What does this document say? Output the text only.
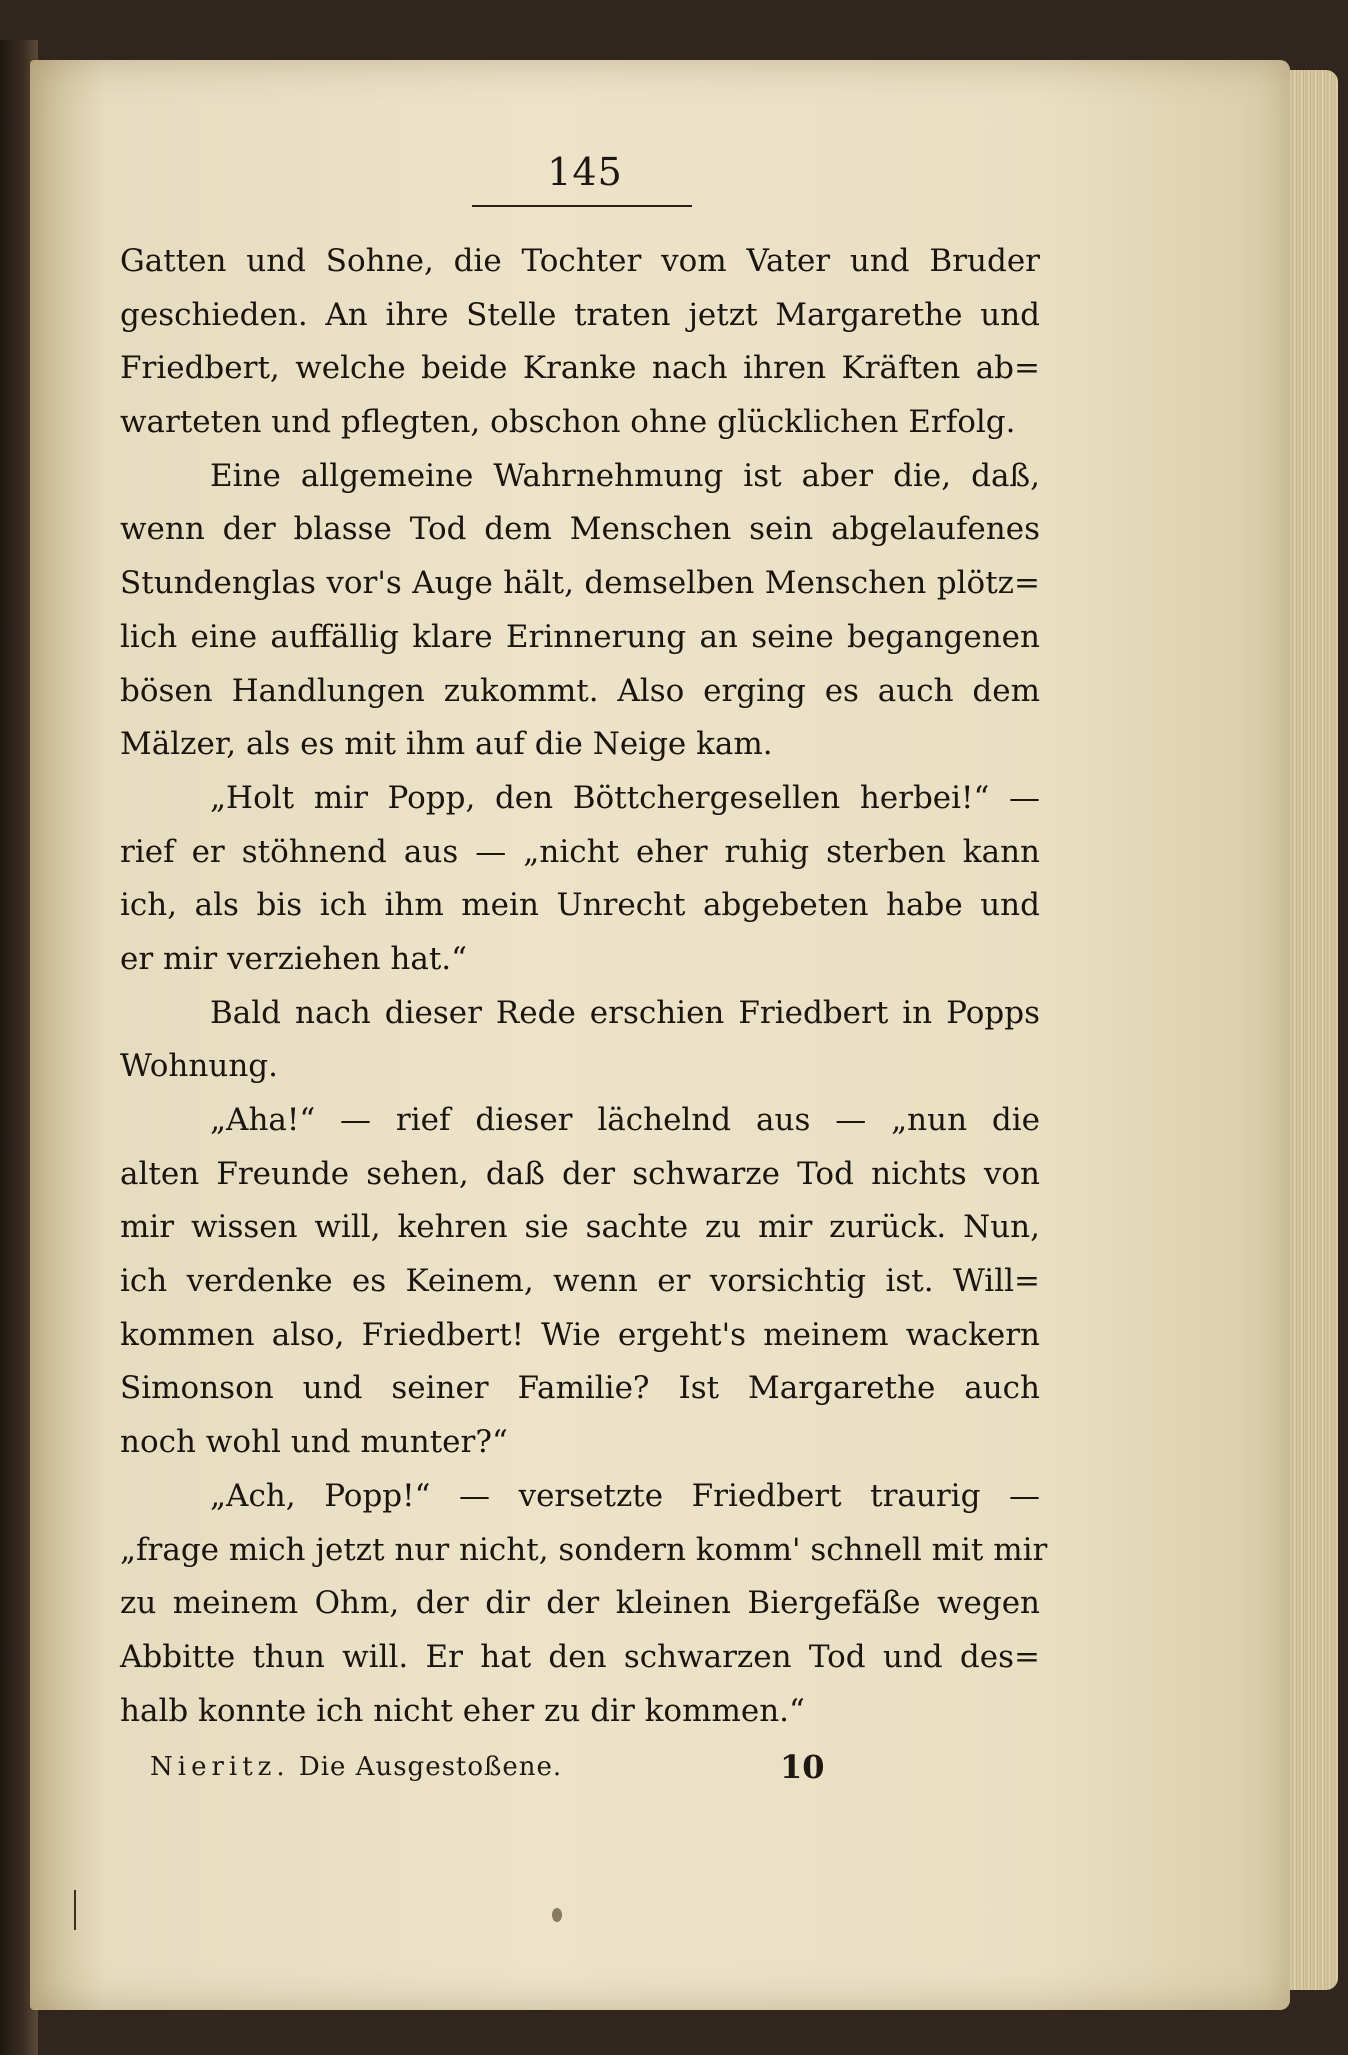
145
Gatten und Sohne, die Tochter vom Vater und Bruder
geschieden. An ihre Stelle traten jetzt Margarethe und
Friedbert, welche beide Kranke nach ihren Kräften ab=
warteten und pflegten, obschon ohne glücklichen Erfolg.
Eine allgemeine Wahrnehmung ist aber die, daß,
wenn der blasse Tod dem Menschen sein abgelaufenes
Stundenglas vor's Auge hält, demselben Menschen plötz=
lich eine auffällig klare Erinnerung an seine begangenen
bösen Handlungen zukommt. Also erging es auch dem
Mälzer, als es mit ihm auf die Neige kam.
„Holt mir Popp, den Böttchergesellen herbei!“ —
rief er stöhnend aus — „nicht eher ruhig sterben kann
ich, als bis ich ihm mein Unrecht abgebeten habe und
er mir verziehen hat.“
Bald nach dieser Rede erschien Friedbert in Popps
Wohnung.
„Aha!“ — rief dieser lächelnd aus — „nun die
alten Freunde sehen, daß der schwarze Tod nichts von
mir wissen will, kehren sie sachte zu mir zurück. Nun,
ich verdenke es Keinem, wenn er vorsichtig ist. Will=
kommen also, Friedbert! Wie ergeht's meinem wackern
Simonson und seiner Familie? Ist Margarethe auch
noch wohl und munter?“
„Ach, Popp!“ — versetzte Friedbert traurig —
„frage mich jetzt nur nicht, sondern komm' schnell mit mir
zu meinem Ohm, der dir der kleinen Biergefäße wegen
Abbitte thun will. Er hat den schwarzen Tod und des=
halb konnte ich nicht eher zu dir kommen.“
Nieritz. Die Ausgestoßene.	10
